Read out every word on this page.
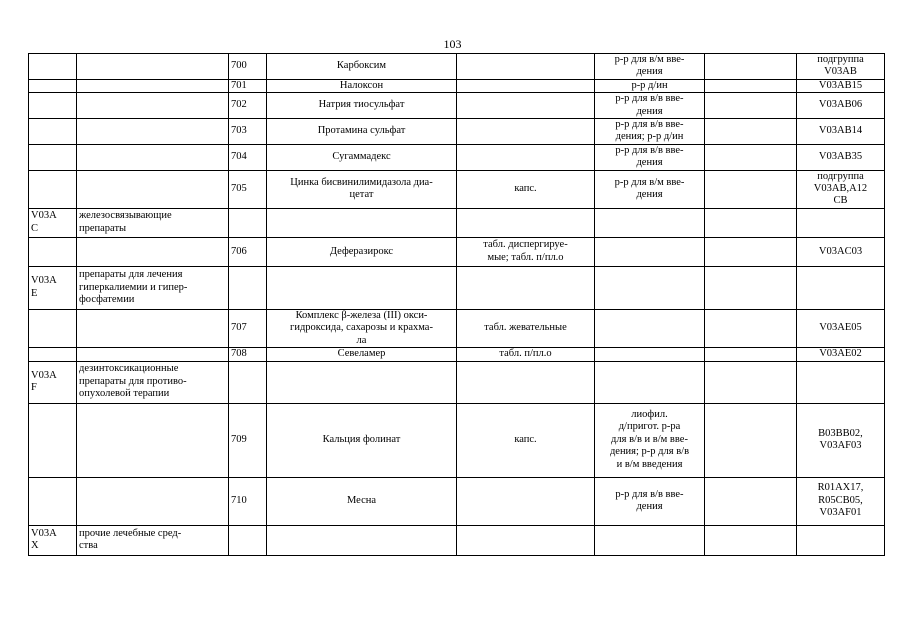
103
		700	Карбоксим		р-р для в/м вве-
дения		подгруппа
V03AB
		701	Налоксон		р-р д/ин		V03AB15
		702	Натрия тиосульфат		р-р для в/в вве-
дения		V03AB06
		703	Протамина сульфат		р-р для в/в вве-
дения; р-р д/ин		V03AB14
		704	Сугаммадекс		р-р для в/в вве-
дения		V03AB35
		705	Цинка бисвинилимидазола диа-
цетат	капс.	р-р для в/м вве-
дения		подгруппа
V03AB,A12
CB
V03A
C	железосвязывающие
препараты						
		706	Деферазирокс	табл. диспергируе-
мые; табл. п/пл.о			V03AC03
V03A
E	препараты для лечения
гиперкалиемии и гипер-
фосфатемии						
		707	Комплекс β-железа (III) окси-
гидроксида, сахарозы и крахма-
ла	табл. жевательные			V03AE05
		708	Севеламер	табл. п/пл.о			V03AE02
V03A
F	дезинтоксикационные
препараты для противо-
опухолевой терапии						
		709	Кальция фолинат	капс.	лиофил.
д/пригот. р-ра
для в/в и в/м вве-
дения; р-р для в/в
и в/м введения		B03BB02,
V03AF03
		710	Месна		р-р для в/в вве-
дения		R01AX17,
R05CB05,
V03AF01
V03A
X	прочие лечебные сред-
ства						
